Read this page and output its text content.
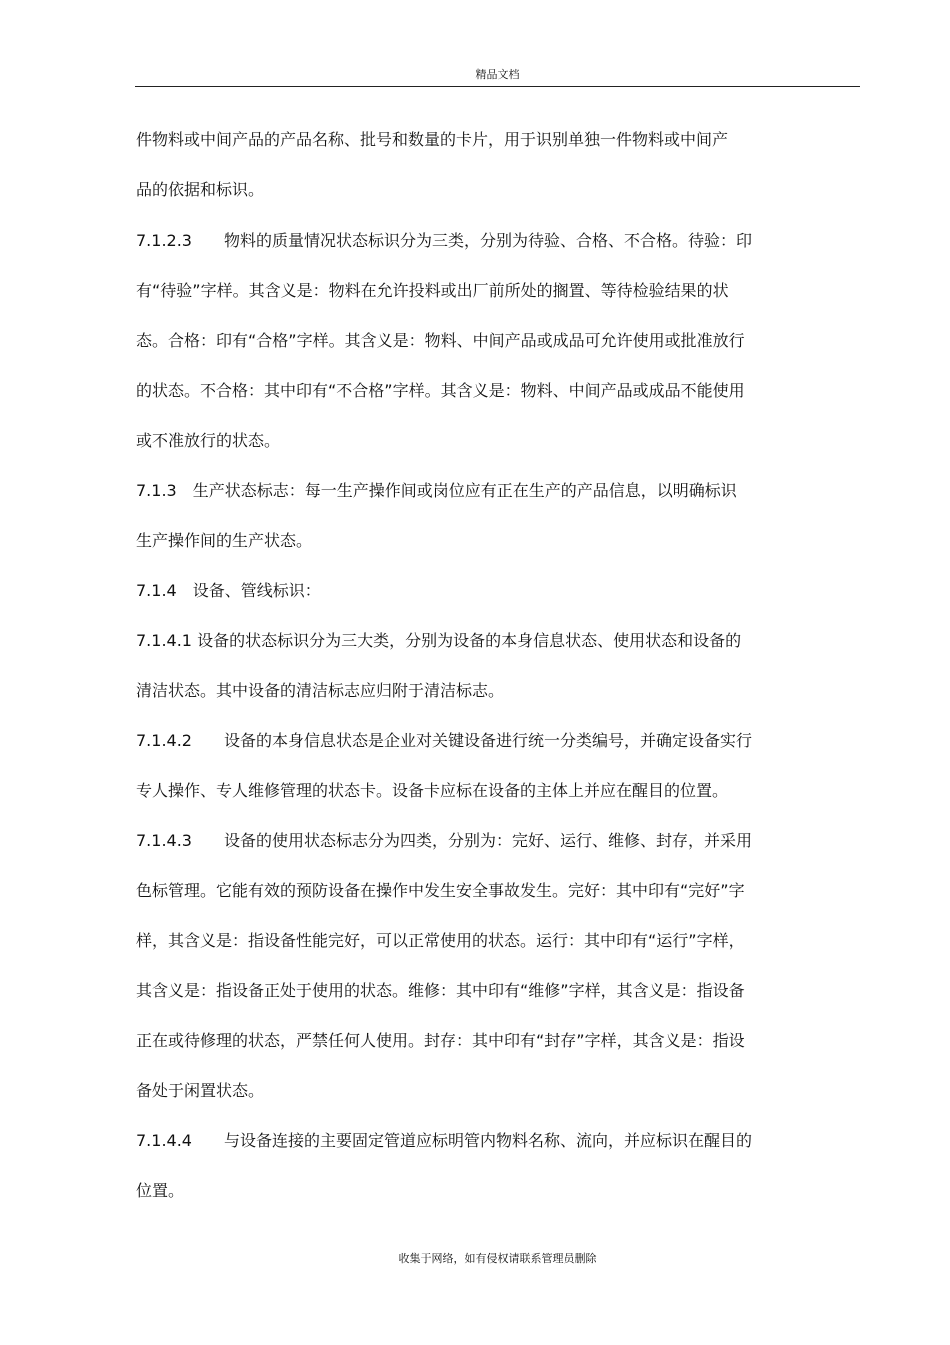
精品文档
件物料或中间产品的产品名称、批号和数量的卡片，用于识别单独一件物料或中间产
品的依据和标识。
7.1.2.3　　物料的质量情况状态标识分为三类，分别为待验、合格、不合格。待验：印
有“待验”字样。其含义是：物料在允许投料或出厂前所处的搁置、等待检验结果的状
态。合格：印有“合格”字样。其含义是：物料、中间产品或成品可允许使用或批准放行
的状态。不合格：其中印有“不合格”字样。其含义是：物料、中间产品或成品不能使用
或不准放行的状态。
7.1.3　生产状态标志：每一生产操作间或岗位应有正在生产的产品信息，以明确标识
生产操作间的生产状态。
7.1.4　设备、管线标识：
7.1.4.1 设备的状态标识分为三大类，分别为设备的本身信息状态、使用状态和设备的
清洁状态。其中设备的清洁标志应归附于清洁标志。
7.1.4.2　　设备的本身信息状态是企业对关键设备进行统一分类编号，并确定设备实行
专人操作、专人维修管理的状态卡。设备卡应标在设备的主体上并应在醒目的位置。
7.1.4.3　　设备的使用状态标志分为四类，分别为：完好、运行、维修、封存，并采用
色标管理。它能有效的预防设备在操作中发生安全事故发生。完好：其中印有“完好”字
样，其含义是：指设备性能完好，可以正常使用的状态。运行：其中印有“运行”字样，
其含义是：指设备正处于使用的状态。维修：其中印有“维修”字样，其含义是：指设备
正在或待修理的状态，严禁任何人使用。封存：其中印有“封存”字样，其含义是：指设
备处于闲置状态。
7.1.4.4　　与设备连接的主要固定管道应标明管内物料名称、流向，并应标识在醒目的
位置。
收集于网络，如有侵权请联系管理员删除
